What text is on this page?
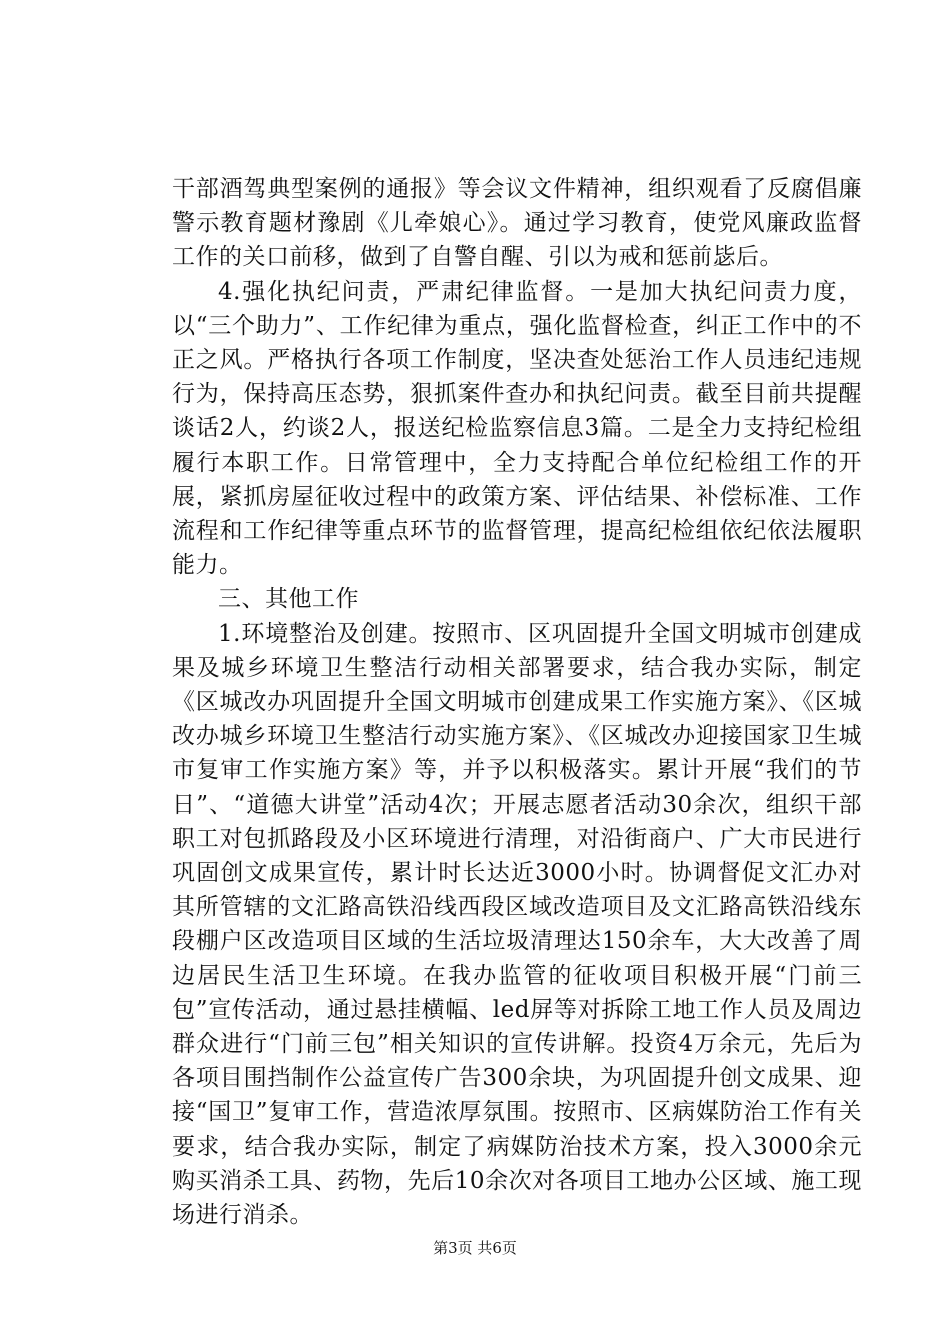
干部酒驾典型案例的通报》等会议文件精神，组织观看了反腐倡廉警示教育题材豫剧《儿牵娘心》。通过学习教育，使党风廉政监督工作的关口前移，做到了自警自醒、引以为戒和惩前毖后。

4.强化执纪问责，严肃纪律监督。一是加大执纪问责力度，以“三个助力”、工作纪律为重点，强化监督检查，纠正工作中的不正之风。严格执行各项工作制度，坚决查处惩治工作人员违纪违规行为，保持高压态势，狠抓案件查办和执纪问责。截至目前共提醒谈话2人，约谈2人，报送纪检监察信息3篇。二是全力支持纪检组履行本职工作。日常管理中，全力支持配合单位纪检组工作的开展，紧抓房屋征收过程中的政策方案、评估结果、补偿标准、工作流程和工作纪律等重点环节的监督管理，提高纪检组依纪依法履职能力。

三、其他工作

1.环境整治及创建。按照市、区巩固提升全国文明城市创建成果及城乡环境卫生整洁行动相关部署要求，结合我办实际，制定《区城改办巩固提升全国文明城市创建成果工作实施方案》、《区城改办城乡环境卫生整洁行动实施方案》、《区城改办迎接国家卫生城市复审工作实施方案》等，并予以积极落实。累计开展“我们的节日”、“道德大讲堂”活动4次；开展志愿者活动30余次，组织干部职工对包抓路段及小区环境进行清理，对沿街商户、广大市民进行巩固创文成果宣传，累计时长达近3000小时。协调督促文汇办对其所管辖的文汇路高铁沿线西段区域改造项目及文汇路高铁沿线东段棚户区改造项目区域的生活垃圾清理达150余车，大大改善了周边居民生活卫生环境。在我办监管的征收项目积极开展“门前三包”宣传活动，通过悬挂横幅、led屏等对拆除工地工作人员及周边群众进行“门前三包”相关知识的宣传讲解。投资4万余元，先后为各项目围挡制作公益宣传广告300余块，为巩固提升创文成果、迎接“国卫”复审工作，营造浓厚氛围。按照市、区病媒防治工作有关要求，结合我办实际，制定了病媒防治技术方案，投入3000余元购买消杀工具、药物，先后10余次对各项目工地办公区域、施工现场进行消杀。

第3页 共6页
